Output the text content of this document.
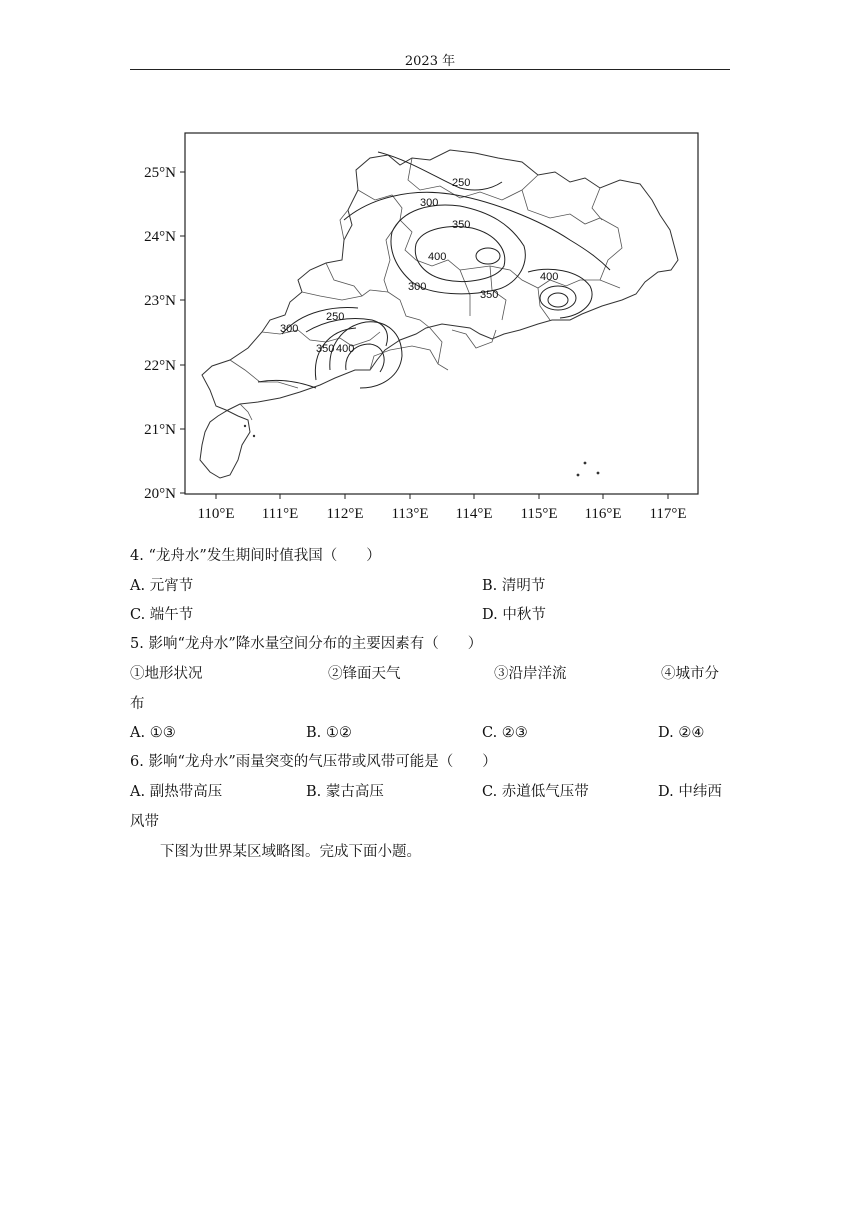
2023 年
25°N
24°N
23°N
22°N
21°N
20°N
110°E 111°E 112°E 113°E 114°E 115°E 116°E 117°E
250
300
350
400
400
350
300
250
300
350 400
4. “龙舟水”发生期间时值我国（　　）
A. 元宵节	B. 清明节
C. 端午节	D. 中秋节
5. 影响“龙舟水”降水量空间分布的主要因素有（　　）
①地形状况	②锋面天气	③沿岸洋流	④城市分
布
A. ①③	B. ①②	C. ②③	D. ②④
6. 影响“龙舟水”雨量突变的气压带或风带可能是（　　）
A. 副热带高压	B. 蒙古高压	C. 赤道低气压带	D. 中纬西
风带
下图为世界某区域略图。完成下面小题。
